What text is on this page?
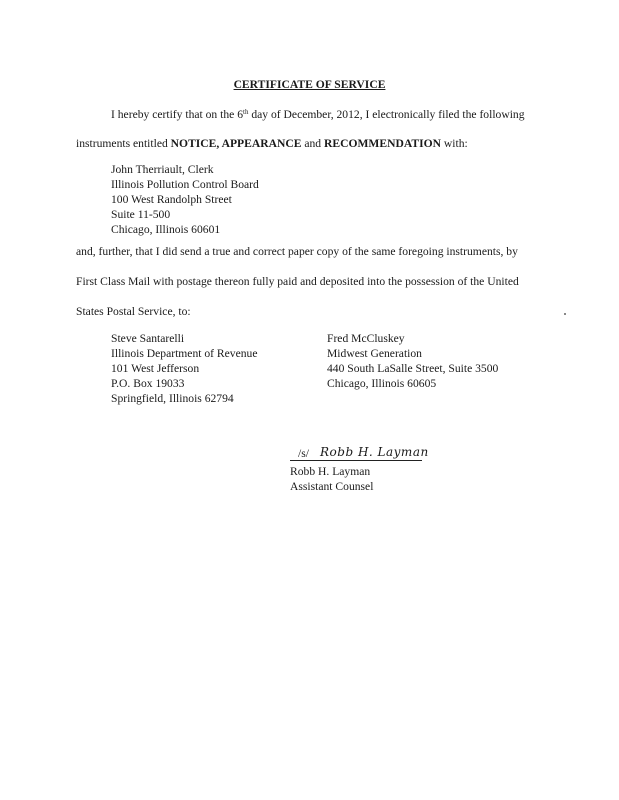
CERTIFICATE OF SERVICE
I hereby certify that on the 6th day of December, 2012, I electronically filed the following
instruments entitled NOTICE, APPEARANCE and RECOMMENDATION with:
John Therriault, Clerk
Illinois Pollution Control Board
100 West Randolph Street
Suite 11-500
Chicago, Illinois 60601
and, further, that I did send a true and correct paper copy of the same foregoing instruments, by
First Class Mail with postage thereon fully paid and deposited into the possession of the United
States Postal Service, to:
Steve Santarelli
Illinois Department of Revenue
101 West Jefferson
P.O. Box 19033
Springfield, Illinois 62794
Fred McCluskey
Midwest Generation
440 South LaSalle Street, Suite 3500
Chicago, Illinois 60605
/s/ Robb H. Layman
Robb H. Layman
Assistant Counsel
